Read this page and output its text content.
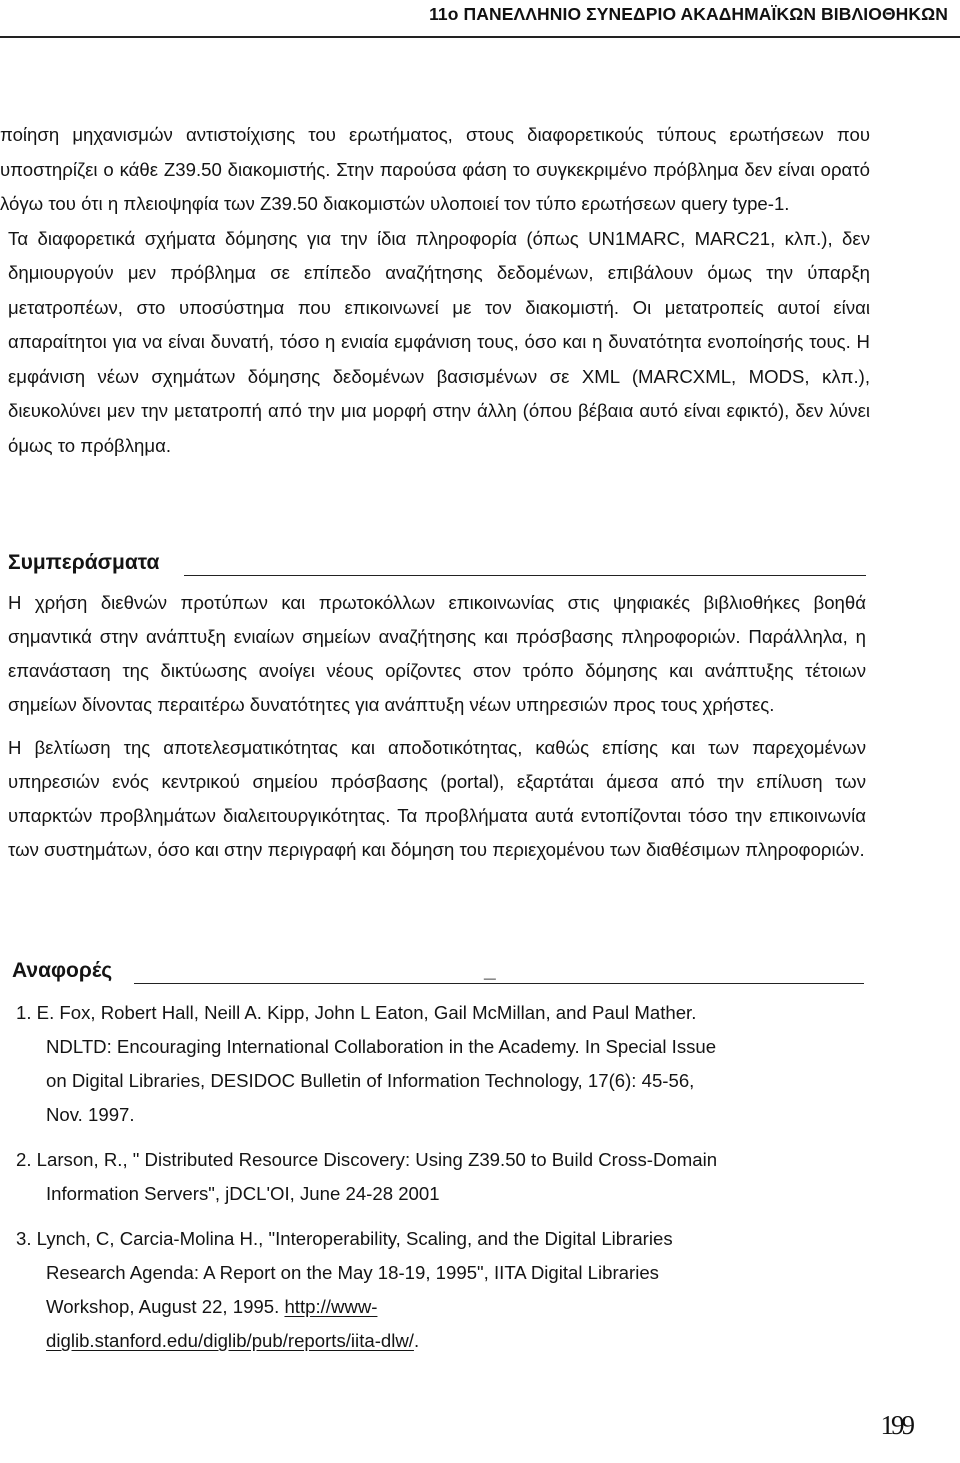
11ο ΠΑΝΕΛΛΗΝΙΟ ΣΥΝΕΔΡΙΟ ΑΚΑΔΗΜΑΪΚΩΝ ΒΙΒΛΙΟΘΗΚΩΝ

ποίηση μηχανισμών αντιστοίχισης του ερωτήματος, στους διαφορετικούς τύπους ερωτήσεων που υποστηρίζει ο κάθε Z39.50 διακομιστής. Στην παρούσα φάση το συγκεκριμένο πρόβλημα δεν είναι ορατό λόγω του ότι η πλειοψηφία των Z39.50 διακομιστών υλοποιεί τον τύπο ερωτήσεων query type-1.

Τα διαφορετικά σχήματα δόμησης για την ίδια πληροφορία (όπως UN1MARC, MARC21, κλπ.), δεν δημιουργούν μεν πρόβλημα σε επίπεδο αναζήτησης δεδομένων, επιβάλουν όμως την ύπαρξη μετατροπέων, στο υποσύστημα που επικοινωνεί με τον διακομιστή. Οι μετατροπείς αυτοί είναι απαραίτητοι για να είναι δυνατή, τόσο η ενιαία εμφάνιση τους, όσο και η δυνατότητα ενοποίησής τους. Η εμφάνιση νέων σχημάτων δόμησης δεδομένων βασισμένων σε XML (MARCXML, MODS, κλπ.), διευκολύνει μεν την μετατροπή από την μια μορφή στην άλλη (όπου βέβαια αυτό είναι εφικτό), δεν λύνει όμως το πρόβλημα.

Συμπεράσματα

Η χρήση διεθνών προτύπων και πρωτοκόλλων επικοινωνίας στις ψηφιακές βιβλιοθήκες βοηθά σημαντικά στην ανάπτυξη ενιαίων σημείων αναζήτησης και πρόσβασης πληροφοριών. Παράλληλα, η επανάσταση της δικτύωσης ανοίγει νέους ορίζοντες στον τρόπο δόμησης και ανάπτυξης τέτοιων σημείων δίνοντας περαιτέρω δυνατότητες για ανάπτυξη νέων υπηρεσιών προς τους χρήστες.

Η βελτίωση της αποτελεσματικότητας και αποδοτικότητας, καθώς επίσης και των παρεχομένων υπηρεσιών ενός κεντρικού σημείου πρόσβασης (portal), εξαρτάται άμεσα από την επίλυση των υπαρκτών προβλημάτων διαλειτουργικότητας. Τα προβλήματα αυτά εντοπίζονται τόσο την επικοινωνία των συστημάτων, όσο και στην περιγραφή και δόμηση του περιεχομένου των διαθέσιμων πληροφοριών.

Αναφορές	_
1. E. Fox, Robert Hall, Neill A. Kipp, John L Eaton, Gail McMillan, and Paul Mather.
NDLTD: Encouraging International Collaboration in the Academy. In Special Issue
on Digital Libraries, DESIDOC Bulletin of Information Technology, 17(6): 45-56,
Nov. 1997.
2. Larson, R., " Distributed Resource Discovery: Using Z39.50 to Build Cross-Domain
Information Servers", jDCL'OI, June 24-28 2001
3. Lynch, C, Carcia-Molina H., "Interoperability, Scaling, and the Digital Libraries
Research Agenda: A Report on the May 18-19, 1995", IITA Digital Libraries
Workshop, August 22, 1995. http://www-
diglib.stanford.edu/diglib/pub/reports/iita-dlw/.
199
